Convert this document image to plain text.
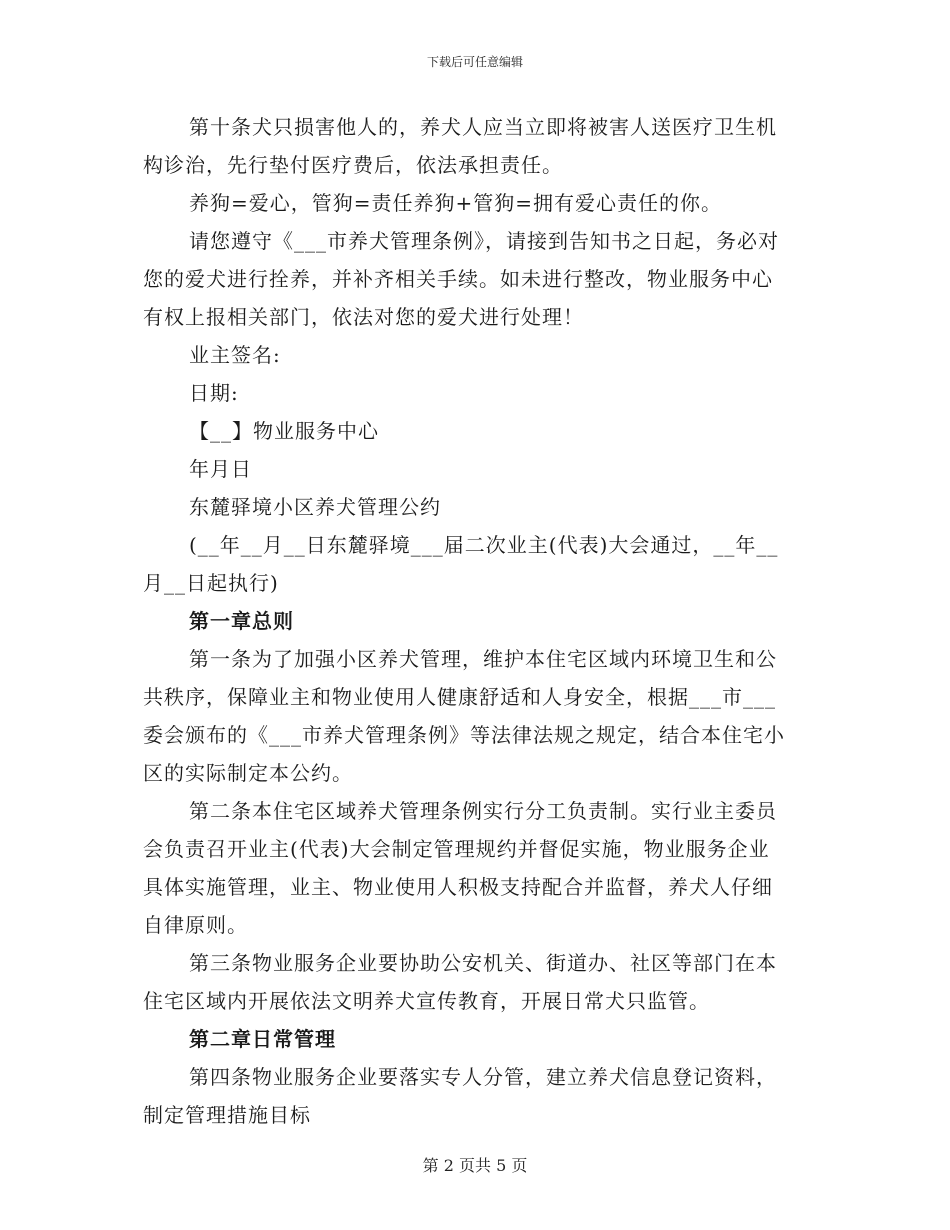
下载后可任意编辑

第十条犬只损害他人的，养犬人应当立即将被害人送医疗卫生机
构诊治，先行垫付医疗费后，依法承担责任。

养狗=爱心，管狗=责任养狗+管狗=拥有爱心责任的你。

请您遵守《___市养犬管理条例》，请接到告知书之日起，务必对
您的爱犬进行拴养，并补齐相关手续。如未进行整改，物业服务中心
有权上报相关部门，依法对您的爱犬进行处理！

业主签名:

日期:

【__】物业服务中心

年月日

东麓驿境小区养犬管理公约

(__年__月__日东麓驿境___届二次业主(代表)大会通过，__年__
月__日起执行)

第一章总则

第一条为了加强小区养犬管理，维护本住宅区域内环境卫生和公
共秩序，保障业主和物业使用人健康舒适和人身安全，根据___市___
委会颁布的《___市养犬管理条例》等法律法规之规定，结合本住宅小
区的实际制定本公约。

第二条本住宅区域养犬管理条例实行分工负责制。实行业主委员
会负责召开业主(代表)大会制定管理规约并督促实施，物业服务企业
具体实施管理，业主、物业使用人积极支持配合并监督，养犬人仔细
自律原则。

第三条物业服务企业要协助公安机关、街道办、社区等部门在本
住宅区域内开展依法文明养犬宣传教育，开展日常犬只监管。

第二章日常管理

第四条物业服务企业要落实专人分管，建立养犬信息登记资料，
制定管理措施目标

第 2 页共 5 页
